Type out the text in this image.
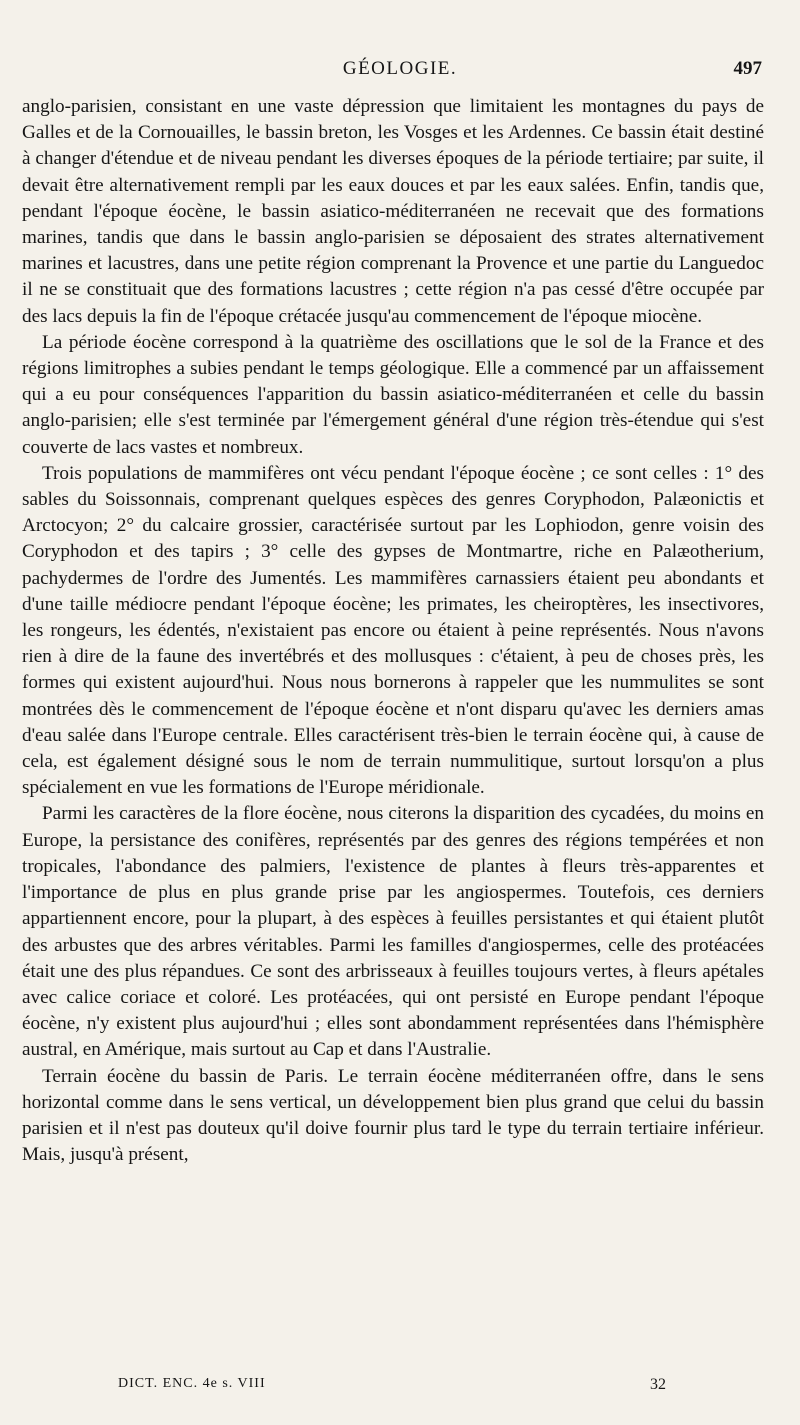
GÉOLOGIE.	497

anglo-parisien, consistant en une vaste dépression que limitaient les montagnes du pays de Galles et de la Cornouailles, le bassin breton, les Vosges et les Ardennes. Ce bassin était destiné à changer d'étendue et de niveau pendant les diverses époques de la période tertiaire; par suite, il devait être alternativement rempli par les eaux douces et par les eaux salées. Enfin, tandis que, pendant l'époque éocène, le bassin asiatico-méditerranéen ne recevait que des formations marines, tandis que dans le bassin anglo-parisien se déposaient des strates alternativement marines et lacustres, dans une petite région comprenant la Provence et une partie du Languedoc il ne se constituait que des formations lacustres ; cette région n'a pas cessé d'être occupée par des lacs depuis la fin de l'époque crétacée jusqu'au commencement de l'époque miocène.

La période éocène correspond à la quatrième des oscillations que le sol de la France et des régions limitrophes a subies pendant le temps géologique. Elle a commencé par un affaissement qui a eu pour conséquences l'apparition du bassin asiatico-méditerranéen et celle du bassin anglo-parisien; elle s'est terminée par l'émergement général d'une région très-étendue qui s'est couverte de lacs vastes et nombreux.

Trois populations de mammifères ont vécu pendant l'époque éocène ; ce sont celles : 1° des sables du Soissonnais, comprenant quelques espèces des genres Coryphodon, Palæonictis et Arctocyon; 2° du calcaire grossier, caractérisée surtout par les Lophiodon, genre voisin des Coryphodon et des tapirs ; 3° celle des gypses de Montmartre, riche en Palæotherium, pachydermes de l'ordre des Jumentés. Les mammifères carnassiers étaient peu abondants et d'une taille médiocre pendant l'époque éocène; les primates, les cheiroptères, les insectivores, les rongeurs, les édentés, n'existaient pas encore ou étaient à peine représentés. Nous n'avons rien à dire de la faune des invertébrés et des mollusques : c'étaient, à peu de choses près, les formes qui existent aujourd'hui. Nous nous bornerons à rappeler que les nummulites se sont montrées dès le commencement de l'époque éocène et n'ont disparu qu'avec les derniers amas d'eau salée dans l'Europe centrale. Elles caractérisent très-bien le terrain éocène qui, à cause de cela, est également désigné sous le nom de terrain nummulitique, surtout lorsqu'on a plus spécialement en vue les formations de l'Europe méridionale.

Parmi les caractères de la flore éocène, nous citerons la disparition des cycadées, du moins en Europe, la persistance des conifères, représentés par des genres des régions tempérées et non tropicales, l'abondance des palmiers, l'existence de plantes à fleurs très-apparentes et l'importance de plus en plus grande prise par les angiospermes. Toutefois, ces derniers appartiennent encore, pour la plupart, à des espèces à feuilles persistantes et qui étaient plutôt des arbustes que des arbres véritables. Parmi les familles d'angiospermes, celle des protéacées était une des plus répandues. Ce sont des arbrisseaux à feuilles toujours vertes, à fleurs apétales avec calice coriace et coloré. Les protéacées, qui ont persisté en Europe pendant l'époque éocène, n'y existent plus aujourd'hui ; elles sont abondamment représentées dans l'hémisphère austral, en Amérique, mais surtout au Cap et dans l'Australie.

Terrain éocène du bassin de Paris. Le terrain éocène méditerranéen offre, dans le sens horizontal comme dans le sens vertical, un développement bien plus grand que celui du bassin parisien et il n'est pas douteux qu'il doive fournir plus tard le type du terrain tertiaire inférieur. Mais, jusqu'à présent,

DICT. ENC. 4e s. VIII	32
